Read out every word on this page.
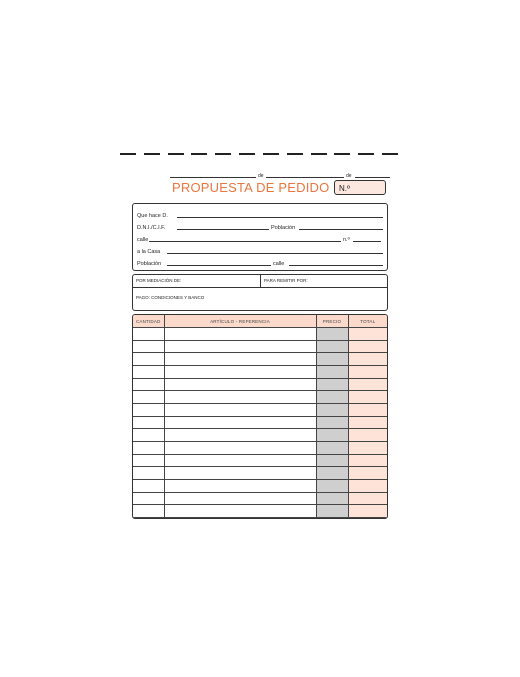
de	de
PROPUESTA DE PEDIDO	N.º
Que hace D.
D.N.I./C.I.F.	Población
calle	n.º
a la Casa
Población	calle
POR MEDIACIÓN DE:	PARA REMITIR POR:
PAGO: CONDICIONES Y BANCO
CANTIDAD	ARTÍCULO - REFERENCIA	PRECIO	TOTAL
